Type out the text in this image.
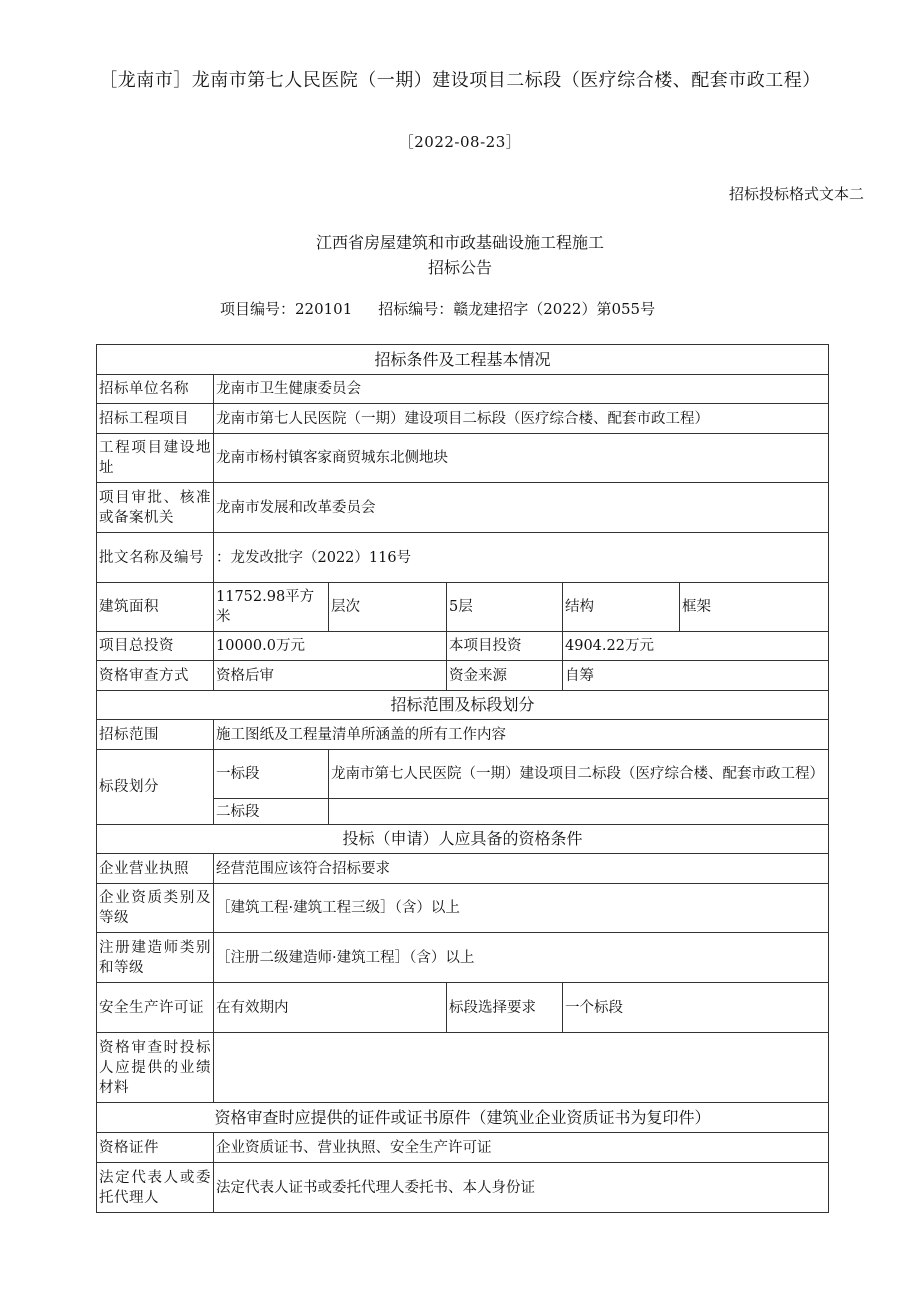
［龙南市］龙南市第七人民医院（一期）建设项目二标段（医疗综合楼、配套市政工程）
［2022-08-23］
招标投标格式文本二
江西省房屋建筑和市政基础设施工程施工
招标公告
项目编号：220101 招标编号：赣龙建招字（2022）第055号
招标条件及工程基本情况					
招标单位名称	龙南市卫生健康委员会				
招标工程项目	龙南市第七人民医院（一期）建设项目二标段（医疗综合楼、配套市政工程）				
工程项目建设地址	龙南市杨村镇客家商贸城东北侧地块				
项目审批、核准或备案机关	龙南市发展和改革委员会				
批文名称及编号	：龙发改批字（2022）116号				
建筑面积	11752.98平方米	层次	5层	结构	框架
项目总投资	10000.0万元		本项目投资	4904.22万元	
资格审查方式	资格后审		资金来源	自筹	
招标范围及标段划分					
招标范围	施工图纸及工程量清单所涵盖的所有工作内容				
标段划分	一标段	龙南市第七人民医院（一期）建设项目二标段（医疗综合楼、配套市政工程）			
	二标段				
投标（申请）人应具备的资格条件					
企业营业执照	经营范围应该符合招标要求				
企业资质类别及等级	［建筑工程·建筑工程三级］（含）以上				
注册建造师类别和等级	［注册二级建造师·建筑工程］（含）以上				
安全生产许可证	在有效期内		标段选择要求	一个标段	
资格审查时投标人应提供的业绩材料					
资格审查时应提供的证件或证书原件（建筑业企业资质证书为复印件）					
资格证件	企业资质证书、营业执照、安全生产许可证				
法定代表人或委托代理人	法定代表人证书或委托代理人委托书、本人身份证				
